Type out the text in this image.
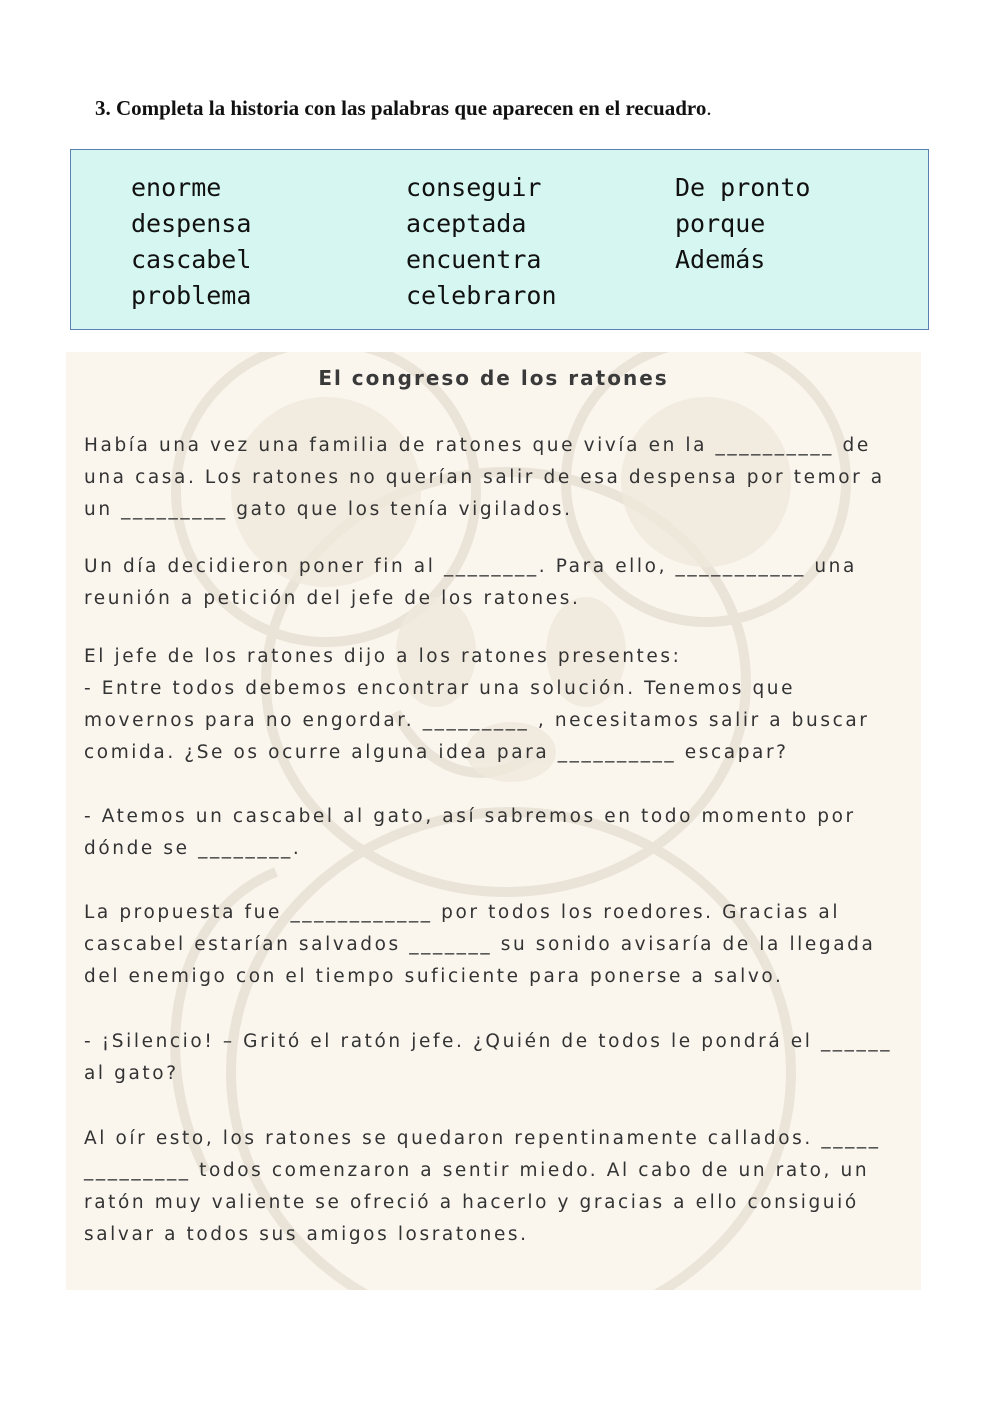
3. Completa la historia con las palabras que aparecen en el recuadro.
enorme
despensa
cascabel
problema
conseguir
aceptada
encuentra
celebraron
De pronto
porque
Además
El congreso de los ratones
Había una vez una familia de ratones que vivía en la __________ de
una casa. Los ratones no querían salir de esa despensa por temor a
un _________ gato que los tenía vigilados.
Un día decidieron poner fin al ________. Para ello, ___________ una
reunión a petición del jefe de los ratones.
El jefe de los ratones dijo a los ratones presentes:
- Entre todos debemos encontrar una solución. Tenemos que
movernos para no engordar. _________ , necesitamos salir a buscar
comida. ¿Se os ocurre alguna idea para __________ escapar?
- Atemos un cascabel al gato, así sabremos en todo momento por
dónde se ________.
La propuesta fue ____________ por todos los roedores. Gracias al
cascabel estarían salvados _______ su sonido avisaría de la llegada
del enemigo con el tiempo suficiente para ponerse a salvo.
- ¡Silencio! – Gritó el ratón jefe. ¿Quién de todos le pondrá el ______
al gato?
Al oír esto, los ratones se quedaron repentinamente callados. _____
_________ todos comenzaron a sentir miedo. Al cabo de un rato, un
ratón muy valiente se ofreció a hacerlo y gracias a ello consiguió
salvar a todos sus amigos losratones.
